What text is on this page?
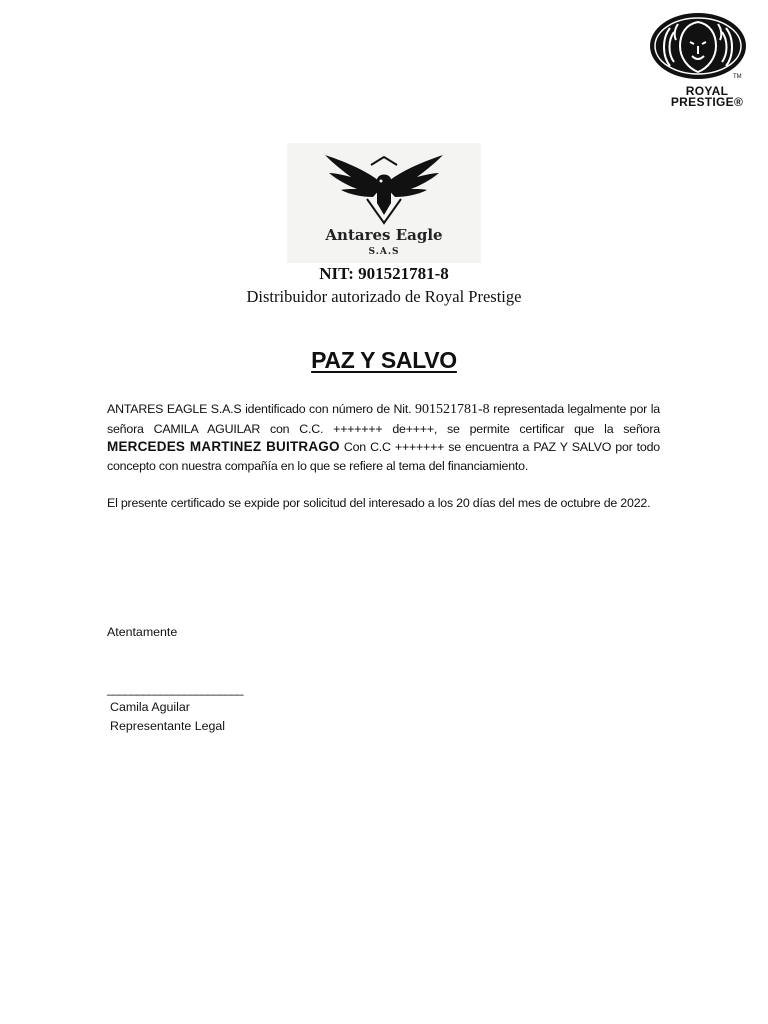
TM
ROYAL
PRESTIGE®
Antares Eagle
S.A.S
NIT: 901521781-8
Distribuidor autorizado de Royal Prestige
PAZ Y SALVO
ANTARES EAGLE S.A.S identificado con número de Nit. 901521781-8 representada legalmente por la señora CAMILA AGUILAR con C.C. +++++++ de++++, se permite certificar que la señora MERCEDES MARTINEZ BUITRAGO Con C.C +++++++ se encuentra a PAZ Y SALVO por todo concepto con nuestra compañía en lo que se refiere al tema del financiamiento.
El presente certificado se expide por solicitud del interesado a los 20 días del mes de octubre de 2022.
Atentamente
_______________________
Camila Aguilar
Representante Legal
